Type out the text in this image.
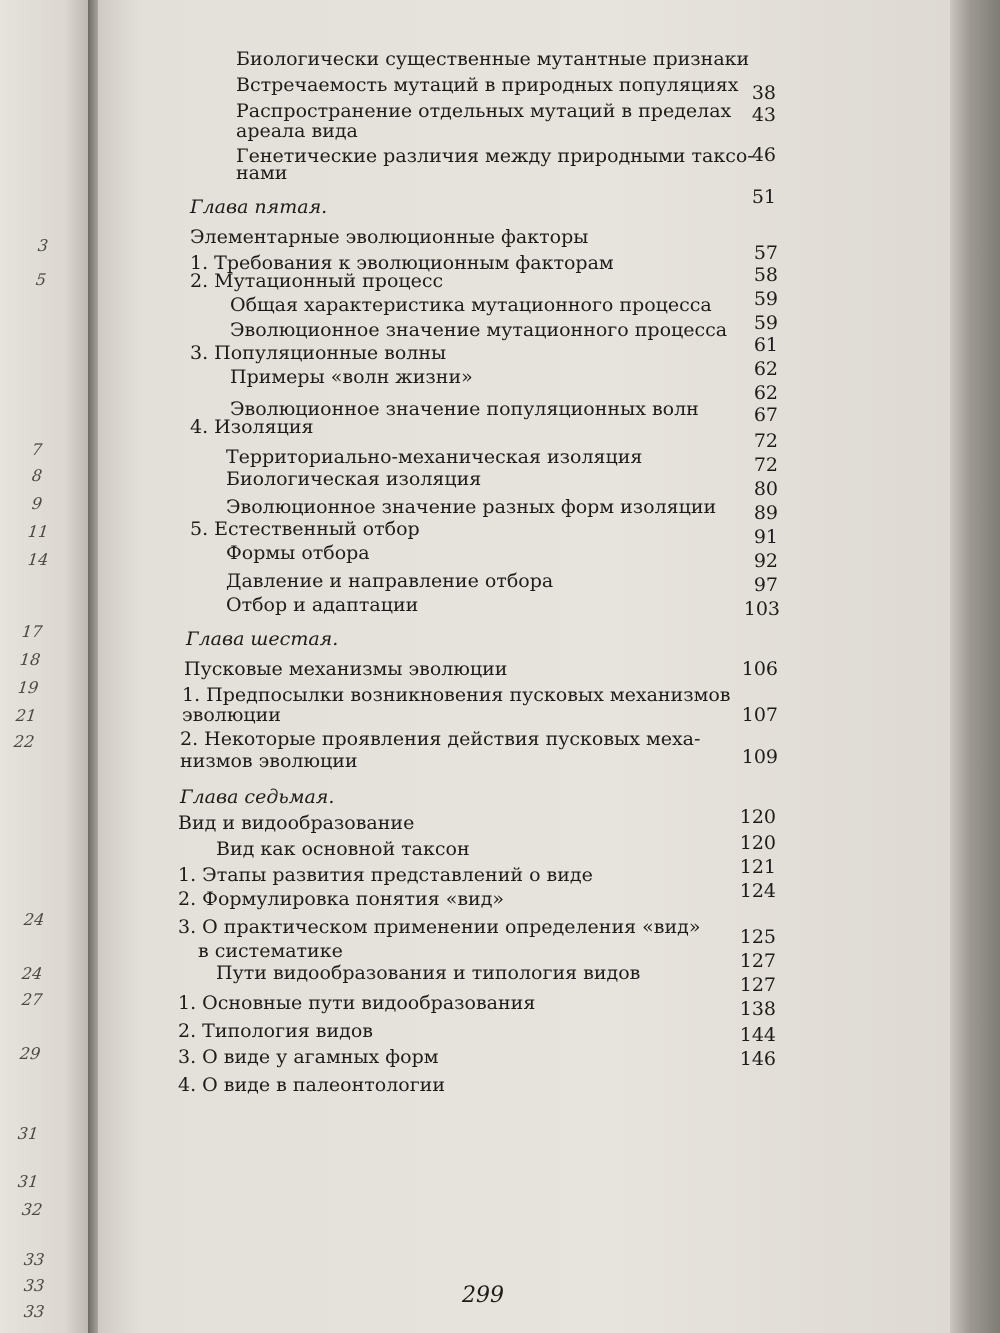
3
5
7
8
9
11
14
17
18
19
21
22
24
24
27
29
31
31
32
33
33
33
Биологически существенные мутантные признаки
Встречаемость мутаций в природных популяциях
Распространение отдельных мутаций в пределах
ареала вида
Генетические различия между природными таксо-
нами
Глава пятая.
Элементарные эволюционные факторы
1. Требования к эволюционным факторам
2. Мутационный процесс
Общая характеристика мутационного процесса
Эволюционное значение мутационного процесса
3. Популяционные волны
Примеры «волн жизни»
Эволюционное значение популяционных волн
4. Изоляция
Территориально-механическая изоляция
Биологическая изоляция
Эволюционное значение разных форм изоляции
5. Естественный отбор
Формы отбора
Давление и направление отбора
Отбор и адаптации
Глава шестая.
Пусковые механизмы эволюции
1. Предпосылки возникновения пусковых механизмов
эволюции
2. Некоторые проявления действия пусковых меха-
низмов эволюции
Глава седьмая.
Вид и видообразование
Вид как основной таксон
1. Этапы развития представлений о виде
2. Формулировка понятия «вид»
3. О практическом применении определения «вид»
в систематике
Пути видообразования и типология видов
1. Основные пути видообразования
2. Типология видов
3. О виде у агамных форм
4. О виде в палеонтологии
38
43
46
51
57
58
59
59
61
62
62
67
72
72
80
89
91
92
97
103
106
107
109
120
120
121
124
125
127
127
138
144
146
299
